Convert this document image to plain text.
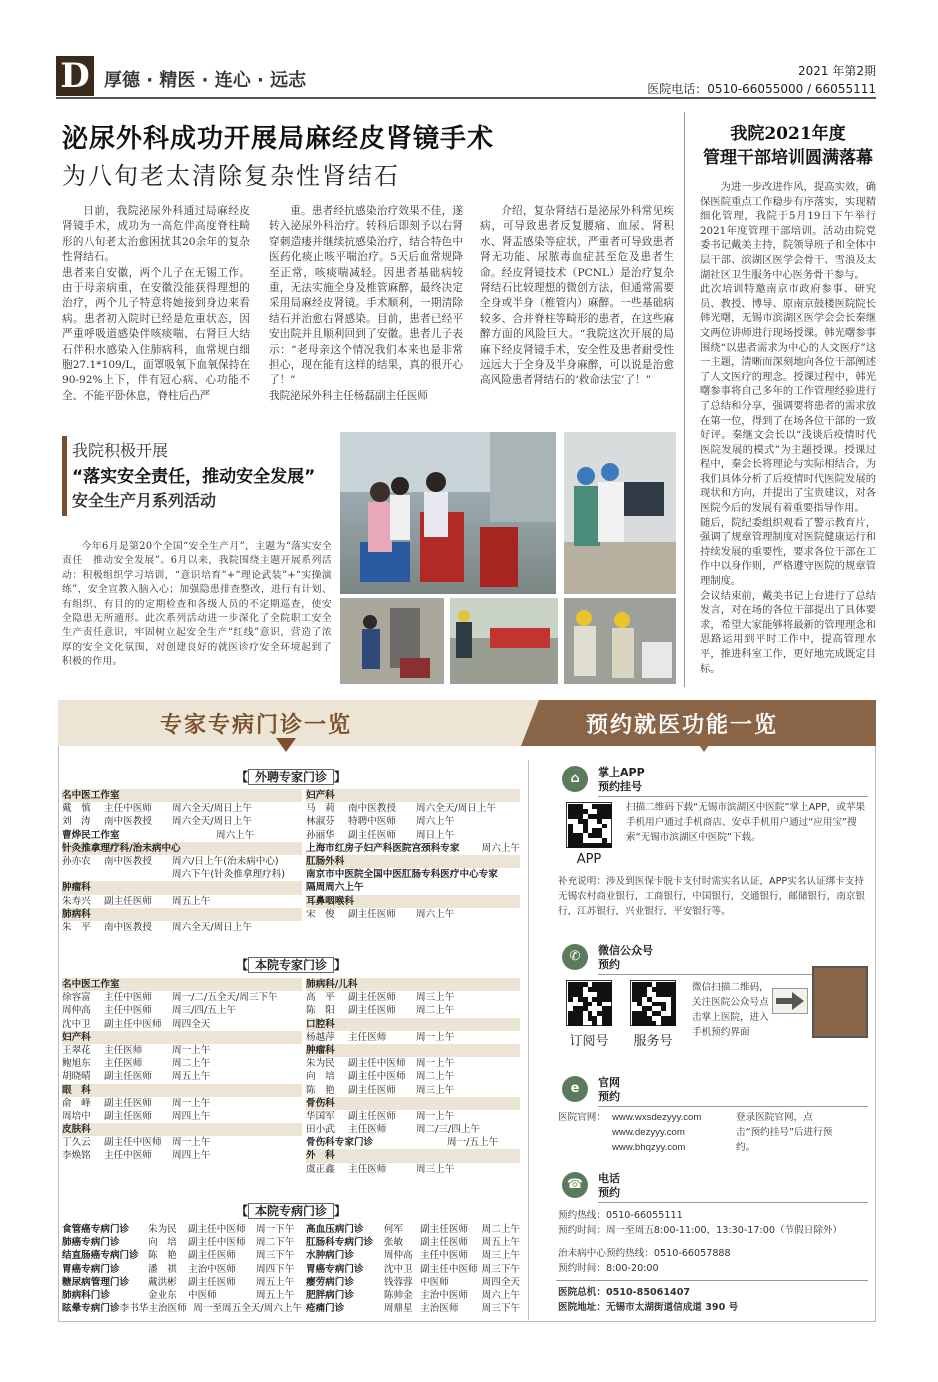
D 厚德 · 精医 · 连心 · 远志	2021 年第2期
医院电话：0510-66055000 / 66055111
泌尿外科成功开展局麻经皮肾镜手术
为八旬老太清除复杂性肾结石
日前，我院泌尿外科通过局麻经皮肾镜手术，成功为一高危伴高度脊柱畸形的八旬老太治愈困扰其20余年的复杂性肾结石。
患者来自安徽，两个儿子在无锡工作。由于母亲病重，在安徽没能获得理想的治疗，两个儿子特意将她接到身边来看病。患者初入院时已经是危重状态，因严重呼吸道感染伴咳痰喘、右肾巨大结石伴积水感染入住肺病科，血常规白细胞27.1*109/L，面罩吸氧下血氧保持在90-92%上下，伴有冠心病、心功能不全、不能平卧休息，脊柱后凸严
重。患者经抗感染治疗效果不佳，遂转入泌尿外科治疗。转科后即刻予以右肾穿刺造瘘并继续抗感染治疗，结合特色中医药化痰止咳平喘治疗。5天后血常规降至正常，咳痰喘减轻。因患者基础病较重，无法实施全身及椎管麻醉，最终决定采用局麻经皮肾镜。手术顺利，一期清除结石并治愈右肾感染。目前，患者已经平安出院并且顺利回到了安徽。患者儿子表示：“老母亲这个情况我们本来也是非常担心，现在能有这样的结果，真的很开心了！”
我院泌尿外科主任杨磊副主任医师
介绍，复杂肾结石是泌尿外科常见疾病，可导致患者反复腰痛、血尿、肾积水、肾盂感染等症状，严重者可导致患者肾无功能、尿脓毒血症甚至危及患者生命。经皮肾镜技术（PCNL）是治疗复杂肾结石比较理想的微创方法，但通常需要全身或半身（椎管内）麻醉。一些基础病较多、合并脊柱等畸形的患者，在这些麻醉方面的风险巨大。“我院这次开展的局麻下经皮肾镜手术，安全性及患者耐受性远远大于全身及半身麻醉，可以说是治愈高风险患者肾结石的‘救命法宝’了！”
我院2021年度
管理干部培训圆满落幕
为进一步改进作风，提高实效，确保医院重点工作稳步有序落实，实现精细化管理，我院于5月19日下午举行2021年度管理干部培训。活动由院党委书记戴美主持，院领导班子和全体中层干部、滨湖区医学会骨干、雪浪及太湖社区卫生服务中心医务骨干参与。
此次培训特邀南京市政府参事、研究员、教授、博导、原南京鼓楼医院院长韩光曙，无锡市滨湖区医学会会长秦继文两位讲师进行现场授课。韩光曙参事围绕“以患者需求为中心的人文医疗”这一主题，清晰而深刻地向各位干部阐述了人文医疗的理念。授课过程中，韩光曙参事将自己多年的工作管理经验进行了总结和分享，强调要将患者的需求放在第一位，得到了在场各位干部的一致好评。秦继文会长以“浅谈后疫情时代医院发展的模式”为主题授课。授课过程中，秦会长将理论与实际相结合，为我们具体分析了后疫情时代医院发展的现状和方向，并提出了宝贵建议，对各医院今后的发展有着重要指导作用。
随后，院纪委组织观看了警示教育片，强调了规章管理制度对医院健康运行和持续发展的重要性，要求各位干部在工作中以身作则，严格遵守医院的规章管理制度。
会议结束前，戴美书记上台进行了总结发言，对在场的各位干部提出了具体要求，希望大家能够将最新的管理理念和思路运用到平时工作中，提高管理水平，推进科室工作，更好地完成既定目标。
我院积极开展
“落实安全责任，推动安全发展”
安全生产月系列活动
今年6月是第20个全国“安全生产月”，主题为“落实安全责任　推动安全发展”。6月以来，我院围绕主题开展系列活动：积极组织学习培训，“意识培育”+“理论武装”+“实操演练”，安全宣教入脑入心；加强隐患排查整改，进行有计划、有组织、有目的的定期检查和各级人员的不定期巡查，使安全隐患无所遁形。此次系列活动进一步深化了全院职工安全生产责任意识，牢固树立起安全生产“红线”意识，营造了浓厚的安全文化氛围，对创建良好的就医诊疗安全环境起到了积极的作用。
专家专病门诊一览	预约就医功能一览
【 外聘专家门诊 】
名中医工作室
戴　慎	主任中医师	周六全天/周日上午
刘　涛	南中医教授	周六全天/周日上午
曹烨民工作室	周六上午
针灸推拿理疗科/治未病中心
孙亦农	南中医教授	周六/日上午(治未病中心)
周六下午(针灸推拿理疗科)
肿瘤科
朱寿兴	副主任医师	周五上午
肺病科
朱　平	南中医教授	周六全天/周日上午
妇产科
马　莉	南中医教授	周六全天/周日上午
林淑芬	特聘中医师	周六上午
孙丽华	副主任医师	周日上午
上海市红房子妇产科医院宫颈科专家 周六上午
肛肠外科
南京市中医院全国中医肛肠专科医疗中心专家
隔周周六上午
耳鼻咽喉科
宋　俊	副主任医师	周六上午
【 本院专家门诊 】
名中医工作室
徐容富	主任中医师	周一/二/五全天/周三下午
周仲高	主任中医师	周三/四/五上午
沈中卫	副主任中医师	周四全天
妇产科
王翠花	主任医师	周一上午
鲍旭东	主任医师	周二上午
胡晓晴	副主任医师	周五上午
眼　科
俞　峰	副主任医师	周一上午
周培中	副主任医师	周四上午
皮肤科
丁久云	副主任中医师	周一上午
李焕铭	主任中医师	周四上午
肺病科/儿科
高　平	副主任医师	周三上午
陈　阳	副主任医师	周二上午
口腔科
杨越萍	主任医师	周一上午
肿瘤科
朱为民	副主任中医师	周一上午
向　培	副主任中医师	周二上午
陈　艳	副主任医师	周三上午
骨伤科
华国军	副主任医师	周一上午
田小武	主任医师	周二/三/四上午
骨伤科专家门诊	周一/五上午
外　科
虞正鑫	主任医师	周三上午
【 本院专病门诊 】
食管癌专病门诊	朱为民	副主任中医师	周一下午
肺癌专病门诊	向　培	副主任中医师	周二下午
结直肠癌专病门诊 陈　艳	副主任医师	周三下午
胃癌专病门诊	潘　祺	主治中医师	周四下午
糖尿病管理门诊	戴洪彬	副主任医师	周五上午
肺病科门诊	金业东	中医师	周五上午
眩晕专病门诊 李书华 主治医师 周一至周五全天/周六上午
高血压病门诊	何军	副主任医师	周二上午
肛肠科专病门诊	张敏	副主任医师	周五上午
水肿病门诊	周仲高 主任中医师	周三上午
胃癌专病门诊	沈中卫 副主任中医师 周三下午
瘿劳病门诊	钱蓉蓉 中医师	周四全天
肥胖病门诊	陈帅金 主治中医师	周六上午
疮痛门诊	周鼎星 主治医师	周三下午
⌂	掌上APP
预约挂号
APP
扫描二维码下载“无锡市滨湖区中医院”掌上APP，或苹果手机用户通过手机商店、安卓手机用户通过“应用宝”搜索“无锡市滨湖区中医院”下载。
补充说明：涉及到医保卡脱卡支付时需实名认证，APP实名认证绑卡支持无锡农村商业银行，工商银行，中国银行，交通银行，邮储银行，南京银行，江苏银行，兴业银行，平安银行等。
✆	微信公众号
预约
订阅号	服务号
微信扫描二维码，关注医院公众号点击掌上医院，进入手机预约界面
e	官网
预约
医院官网： www.wxsdezyyy.com
www.dezyyy.com
www.bhqzyy.com
登录医院官网，点击“预约挂号”后进行预约。
☎	电话
预约
预约热线：0510-66055111
预约时间：周一至周五8:00-11:00，13:30-17:00（节假日除外）
治未病中心预约热线：0510-66057888
预约时间：8:00-20:00
医院总机：0510-85061407
医院地址：无锡市太湖街道信成道 390 号
